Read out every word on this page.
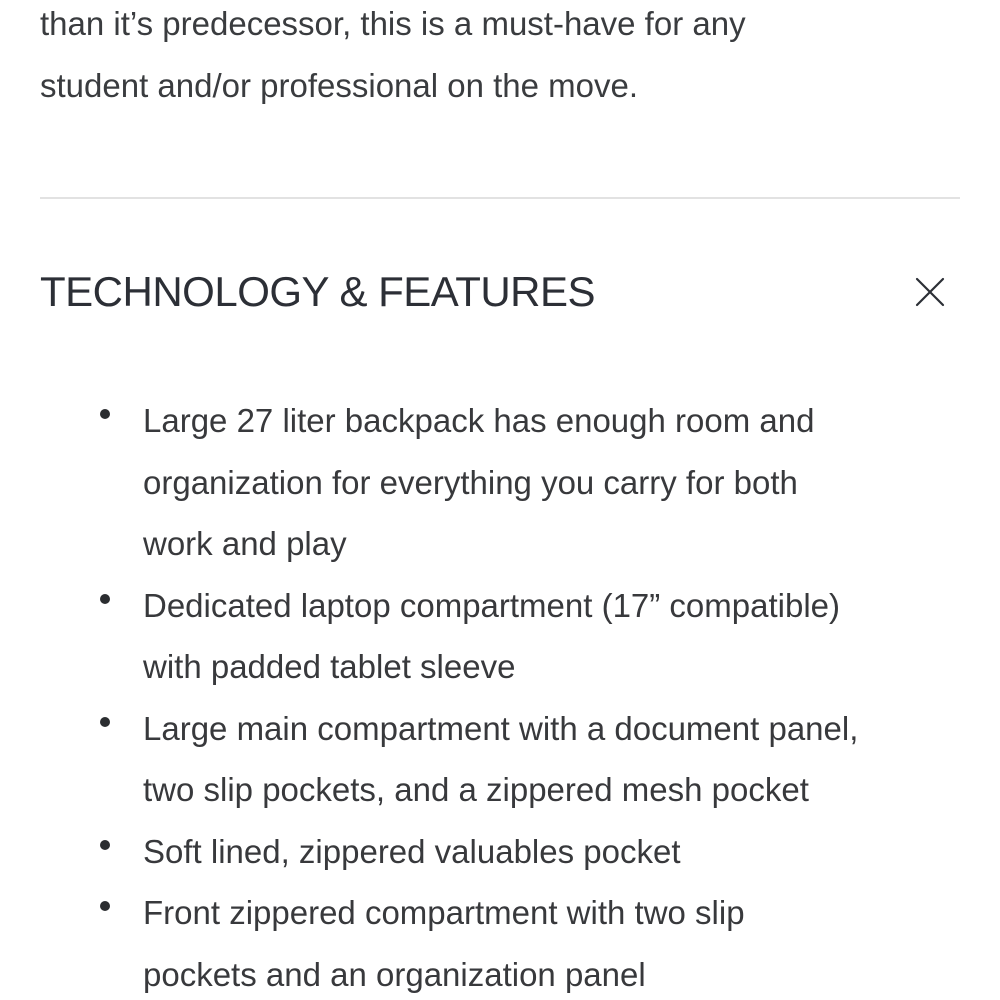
than it’s predecessor, this is a must-have for any student and/or professional on the move.

TECHNOLOGY & FEATURES
Large 27 liter backpack has enough room and organization for everything you carry for both work and play
Dedicated laptop compartment (17” compatible) with padded tablet sleeve
Large main compartment with a document panel, two slip pockets, and a zippered mesh pocket
Soft lined, zippered valuables pocket
Front zippered compartment with two slip pockets and an organization panel
